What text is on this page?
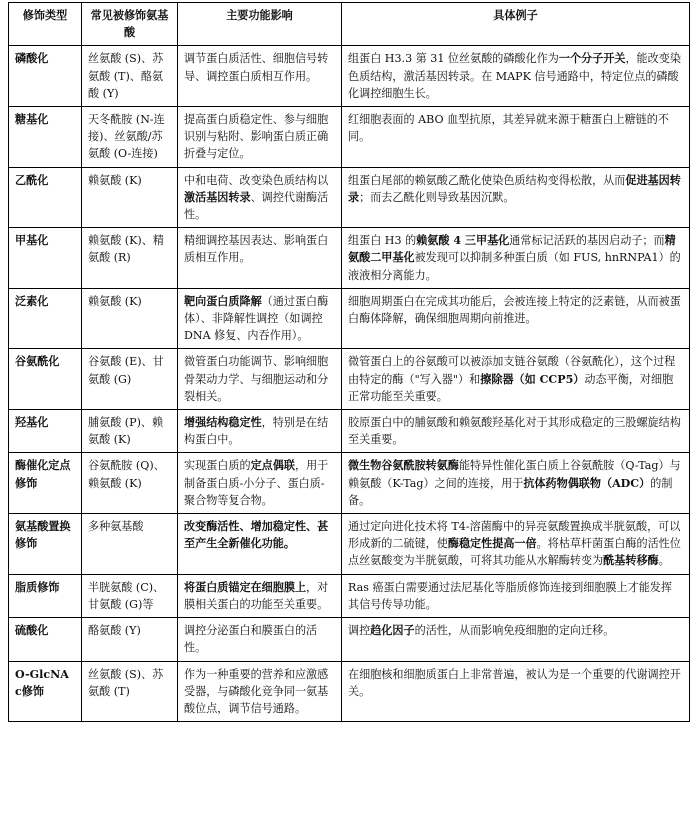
修饰类型	常见被修饰氨基酸	主要功能影响	具体例子
磷酸化	丝氨酸 (S)、苏氨酸 (T)、酪氨酸 (Y)	调节蛋白质活性、细胞信号转导、调控蛋白质相互作用。	组蛋白 H3.3 第 31 位丝氨酸的磷酸化作为一个分子开关，能改变染色质结构，激活基因转录。在 MAPK 信号通路中，特定位点的磷酸化调控细胞生长。
糖基化	天冬酰胺 (N-连接)、丝氨酸/苏氨酸 (O-连接)	提高蛋白质稳定性、参与细胞识别与粘附、影响蛋白质正确折叠与定位。	红细胞表面的 ABO 血型抗原，其差异就来源于糖蛋白上糖链的不同。
乙酰化	赖氨酸 (K)	中和电荷、改变染色质结构以激活基因转录、调控代谢酶活性。	组蛋白尾部的赖氨酸乙酰化使染色质结构变得松散，从而促进基因转录；而去乙酰化则导致基因沉默。
甲基化	赖氨酸 (K)、精氨酸 (R)	精细调控基因表达、影响蛋白质相互作用。	组蛋白 H3 的赖氨酸 4 三甲基化通常标记活跃的基因启动子；而精氨酸二甲基化被发现可以抑制多种蛋白质（如 FUS, hnRNPA1）的液液相分离能力。
泛素化	赖氨酸 (K)	靶向蛋白质降解（通过蛋白酶体）、非降解性调控（如调控 DNA 修复、内吞作用）。	细胞周期蛋白在完成其功能后，会被连接上特定的泛素链，从而被蛋白酶体降解，确保细胞周期向前推进。
谷氨酰化	谷氨酸 (E)、甘氨酸 (G)	微管蛋白功能调节、影响细胞骨架动力学、与细胞运动和分裂相关。	微管蛋白上的谷氨酸可以被添加支链谷氨酸（谷氨酰化），这个过程由特定的酶（"写入器"）和擦除器（如 CCP5）动态平衡，对细胞正常功能至关重要。
羟基化	脯氨酸 (P)、赖氨酸 (K)	增强结构稳定性，特别是在结构蛋白中。	胶原蛋白中的脯氨酸和赖氨酸羟基化对于其形成稳定的三股螺旋结构至关重要。
酶催化定点修饰	谷氨酰胺 (Q)、赖氨酸 (K)	实现蛋白质的定点偶联，用于制备蛋白质-小分子、蛋白质-聚合物等复合物。	微生物谷氨酰胺转氨酶能特异性催化蛋白质上谷氨酰胺（Q-Tag）与赖氨酸（K-Tag）之间的连接，用于抗体药物偶联物（ADC）的制备。
氨基酸置换修饰	多种氨基酸	改变酶活性、增加稳定性、甚至产生全新催化功能。	通过定向进化技术将 T4-溶菌酶中的异亮氨酸置换成半胱氨酸，可以形成新的二硫键，使酶稳定性提高一倍。将枯草杆菌蛋白酶的活性位点丝氨酸变为半胱氨酸，可将其功能从水解酶转变为酰基转移酶。
脂质修饰	半胱氨酸 (C)、甘氨酸 (G)等	将蛋白质锚定在细胞膜上，对膜相关蛋白的功能至关重要。	Ras 癌蛋白需要通过法尼基化等脂质修饰连接到细胞膜上才能发挥其信号传导功能。
硫酸化	酪氨酸 (Y)	调控分泌蛋白和膜蛋白的活性。	调控趋化因子的活性，从而影响免疫细胞的定向迁移。
O-GlcNAc修饰	丝氨酸 (S)、苏氨酸 (T)	作为一种重要的营养和应激感受器，与磷酸化竞争同一氨基酸位点，调节信号通路。	在细胞核和细胞质蛋白上非常普遍，被认为是一个重要的代谢调控开关。
